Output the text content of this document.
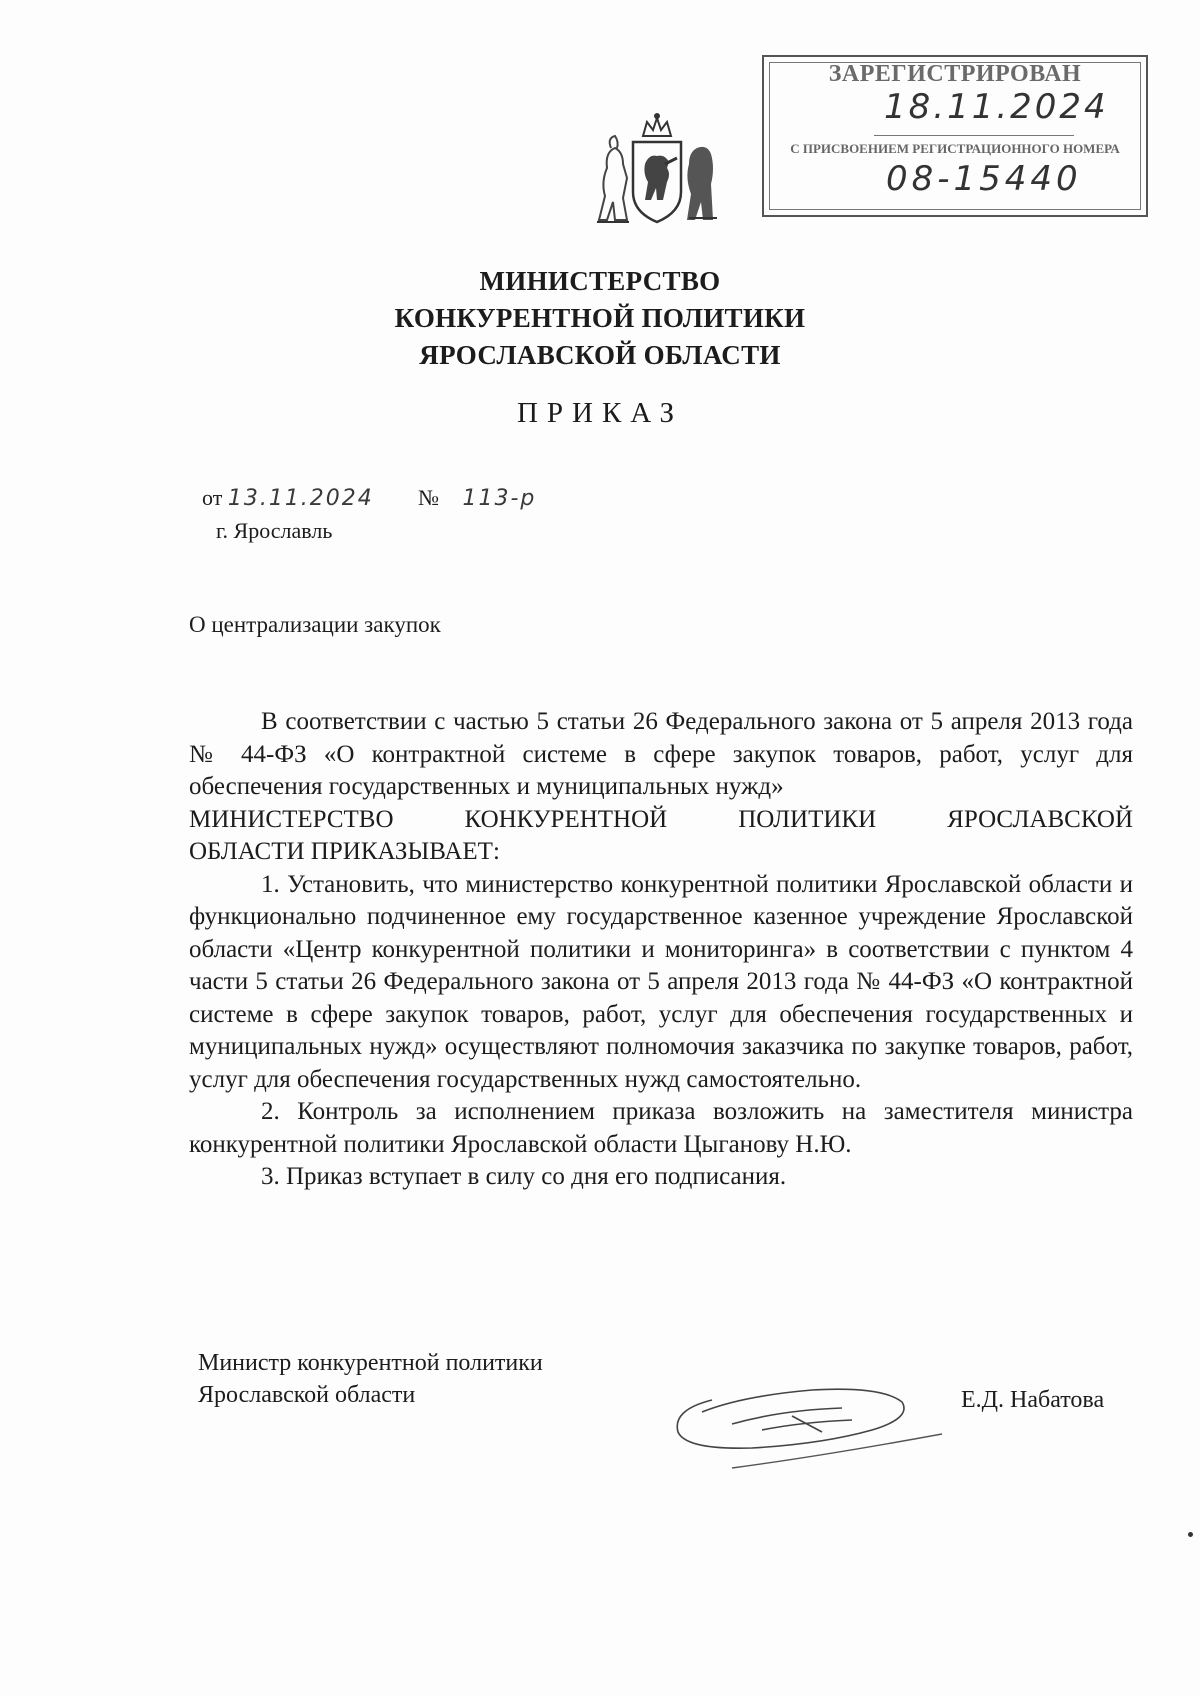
ЗАРЕГИСТРИРОВАН
18.11.2024
С ПРИСВОЕНИЕМ РЕГИСТРАЦИОННОГО НОМЕРА
08-15440
МИНИСТЕРСТВО
КОНКУРЕНТНОЙ ПОЛИТИКИ
ЯРОСЛАВСКОЙ ОБЛАСТИ
ПРИКАЗ
от 13.11.2024 № 113-р
г. Ярославль
О централизации закупок

В соответствии с частью 5 статьи 26 Федерального закона от 5 апреля 2013 года № 44-ФЗ «О контрактной системе в сфере закупок товаров, работ, услуг для обеспечения государственных и муниципальных нужд»

МИНИСТЕРСТВО КОНКУРЕНТНОЙ ПОЛИТИКИ ЯРОСЛАВСКОЙ

ОБЛАСТИ ПРИКАЗЫВАЕТ:

1. Установить, что министерство конкурентной политики Ярославской области и функционально подчиненное ему государственное казенное учреждение Ярославской области «Центр конкурентной политики и мониторинга» в соответствии с пунктом 4 части 5 статьи 26 Федерального закона от 5 апреля 2013 года № 44-ФЗ «О контрактной системе в сфере закупок товаров, работ, услуг для обеспечения государственных и муниципальных нужд» осуществляют полномочия заказчика по закупке товаров, работ, услуг для обеспечения государственных нужд самостоятельно.

2. Контроль за исполнением приказа возложить на заместителя министра конкурентной политики Ярославской области Цыганову Н.Ю.

3. Приказ вступает в силу со дня его подписания.

Министр конкурентной политики
Ярославской области	Е.Д. Набатова
